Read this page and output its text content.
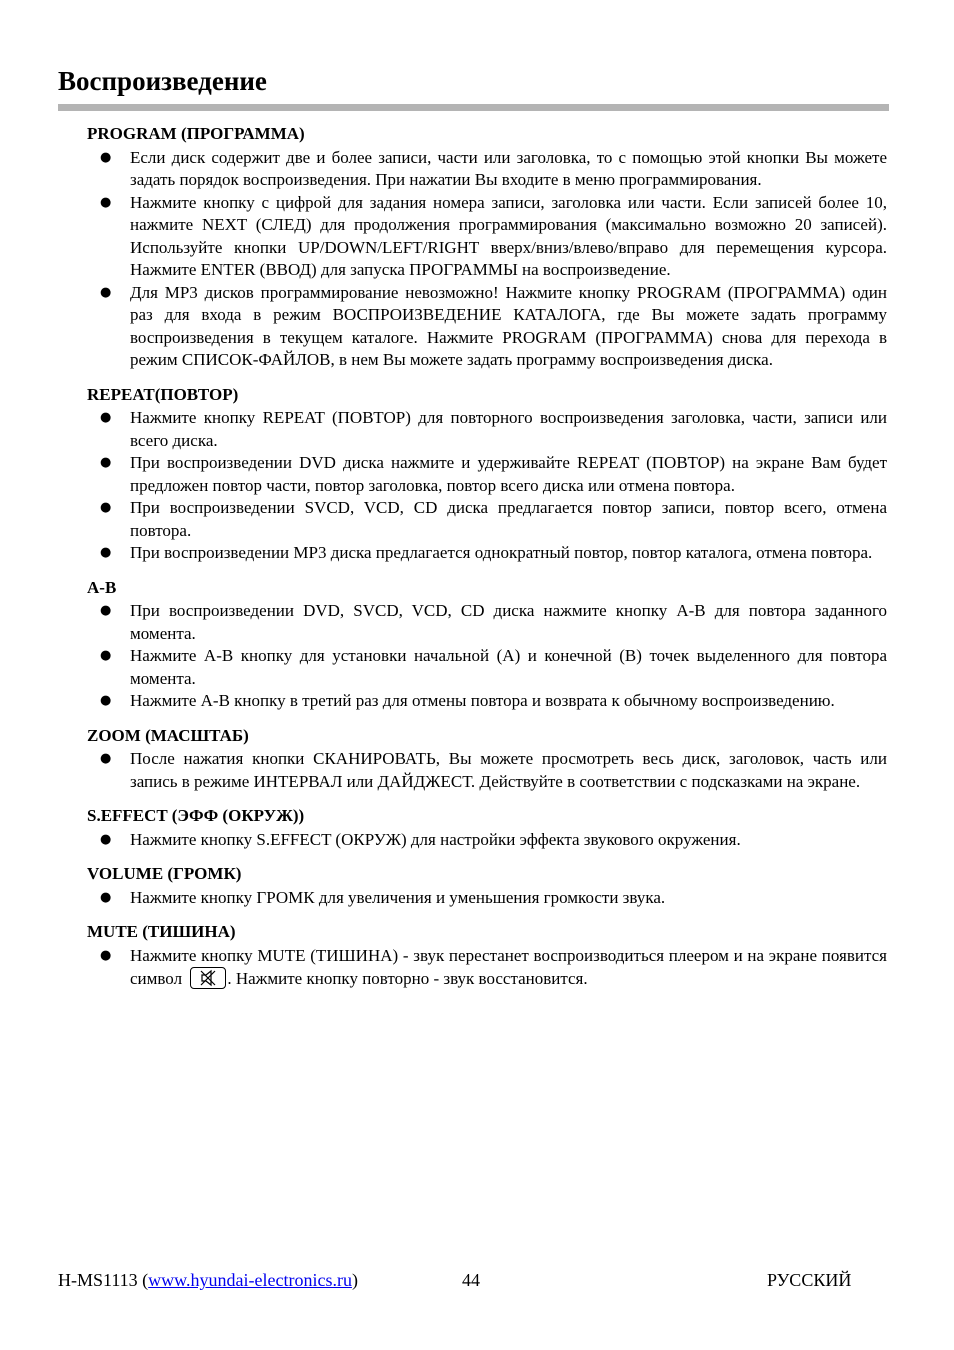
Воспроизведение
PROGRAM (ПРОГРАММА)
● Если диск содержит две и более записи, части или заголовка, то с помощью этой кнопки Вы можете задать порядок воспроизведения. При нажатии Вы входите в меню программирования.
● Нажмите кнопку с цифрой для задания номера записи, заголовка или части. Если записей более 10, нажмите NEXT (СЛЕД) для продолжения программирования (максимально возможно 20 записей). Используйте кнопки UP/DOWN/LEFT/RIGHT вверх/вниз/влево/вправо для перемещения курсора. Нажмите ENTER (ВВОД) для запуска ПРОГРАММЫ на воспроизведение.
● Для MP3 дисков программирование невозможно! Нажмите кнопку PROGRAM (ПРОГРАММА) один раз для входа в режим ВОСПРОИЗВЕДЕНИЕ КАТАЛОГА, где Вы можете задать программу воспроизведения в текущем каталоге. Нажмите PROGRAM (ПРОГРАММА) снова для перехода в режим СПИСОК-ФАЙЛОВ, в нем Вы можете задать программу воспроизведения диска.
REPEAT(ПОВТОР)
● Нажмите кнопку REPEAT (ПОВТОР) для повторного воспроизведения заголовка, части, записи или всего диска.
● При воспроизведении DVD диска нажмите и удерживайте REPEAT (ПОВТОР) на экране Вам будет предложен повтор части, повтор заголовка, повтор всего диска или отмена повтора.
● При воспроизведении SVCD, VCD, CD диска предлагается повтор записи, повтор всего, отмена повтора.
● При воспроизведении MP3 диска предлагается однократный повтор, повтор каталога, отмена повтора.
A-B
● При воспроизведении DVD, SVCD, VCD, CD диска нажмите кнопку A-B для повтора заданного момента.
● Нажмите A-B кнопку для установки начальной (A) и конечной (B) точек выделенного для повтора момента.
● Нажмите A-B кнопку в третий раз для отмены повтора и возврата к обычному воспроизведению.
ZOOM (МАСШТАБ)
● После нажатия кнопки СКАНИРОВАТЬ, Вы можете просмотреть весь диск, заголовок, часть или запись в режиме ИНТЕРВАЛ или ДАЙДЖЕСТ. Действуйте в соответствии с подсказками на экране.
S.EFFECT (ЭФФ (ОКРУЖ))
● Нажмите кнопку S.EFFECT (ОКРУЖ) для настройки эффекта звукового окружения.
VOLUME (ГРОМК)
● Нажмите кнопку ГРОМК для увеличения и уменьшения громкости звука.
MUTE (ТИШИНА)
● Нажмите кнопку MUTE (ТИШИНА) - звук перестанет воспроизводиться плеером и на экране появится символ	. Нажмите кнопку повторно - звук восстановится.
H-MS1113 (www.hyundai-electronics.ru)	44	РУССКИЙ
